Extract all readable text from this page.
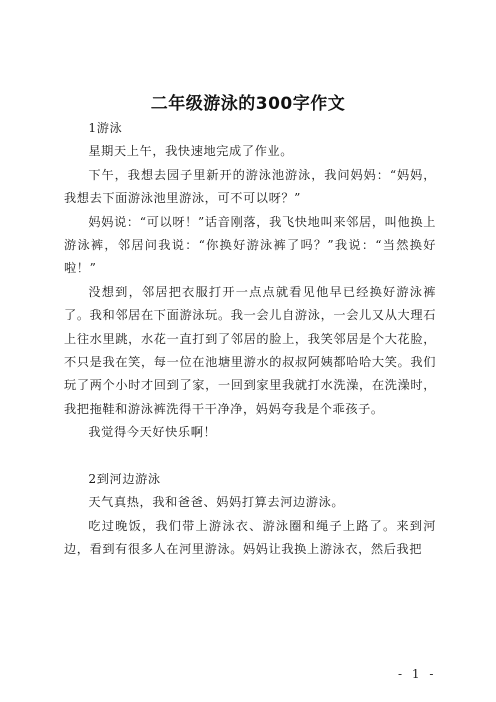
二年级游泳的300字作文

1游泳

星期天上午，我快速地完成了作业。

下午，我想去园子里新开的游泳池游泳，我问妈妈：“妈妈，我想去下面游泳池里游泳，可不可以呀？”

妈妈说：“可以呀！”话音刚落，我飞快地叫来邻居，叫他换上游泳裤，邻居问我说：“你换好游泳裤了吗？”我说：“当然换好啦！”

没想到，邻居把衣服打开一点点就看见他早已经换好游泳裤了。我和邻居在下面游泳玩。我一会儿自游泳，一会儿又从大理石上往水里跳，水花一直打到了邻居的脸上，我笑邻居是个大花脸，不只是我在笑，每一位在池塘里游水的叔叔阿姨都哈哈大笑。我们玩了两个小时才回到了家，一回到家里我就打水洗澡，在洗澡时，我把拖鞋和游泳裤洗得干干净净，妈妈夸我是个乖孩子。

我觉得今天好快乐啊！

2到河边游泳

天气真热，我和爸爸、妈妈打算去河边游泳。

吃过晚饭，我们带上游泳衣、游泳圈和绳子上路了。来到河边，看到有很多人在河里游泳。妈妈让我换上游泳衣，然后我把

- 1 -
